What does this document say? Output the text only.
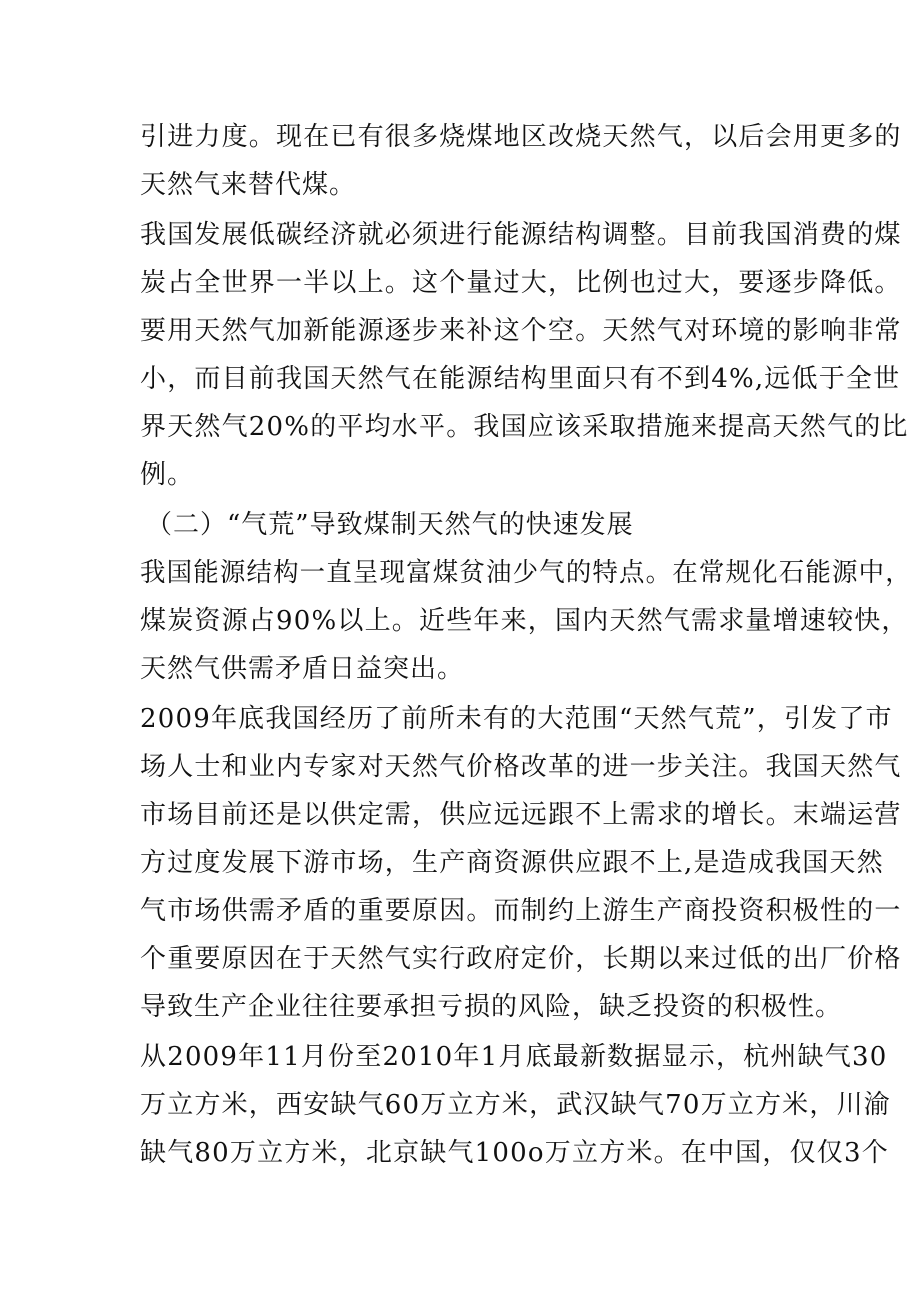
引进力度。现在已有很多烧煤地区改烧天然气，以后会用更多的
天然气来替代煤。
我国发展低碳经济就必须进行能源结构调整。目前我国消费的煤
炭占全世界一半以上。这个量过大，比例也过大，要逐步降低。
要用天然气加新能源逐步来补这个空。天然气对环境的影响非常
小，而目前我国天然气在能源结构里面只有不到4%,远低于全世
界天然气20%的平均水平。我国应该采取措施来提高天然气的比
例。
（二）“气荒”导致煤制天然气的快速发展
我国能源结构一直呈现富煤贫油少气的特点。在常规化石能源中，
煤炭资源占90%以上。近些年来，国内天然气需求量增速较快，
天然气供需矛盾日益突出。
2009年底我国经历了前所未有的大范围“天然气荒”，引发了市
场人士和业内专家对天然气价格改革的进一步关注。我国天然气
市场目前还是以供定需，供应远远跟不上需求的增长。末端运营
方过度发展下游市场，生产商资源供应跟不上,是造成我国天然
气市场供需矛盾的重要原因。而制约上游生产商投资积极性的一
个重要原因在于天然气实行政府定价，长期以来过低的出厂价格
导致生产企业往往要承担亏损的风险，缺乏投资的积极性。
从2009年11月份至2010年1月底最新数据显示，杭州缺气30
万立方米，西安缺气60万立方米，武汉缺气70万立方米，川渝
缺气80万立方米，北京缺气100o万立方米。在中国，仅仅3个
